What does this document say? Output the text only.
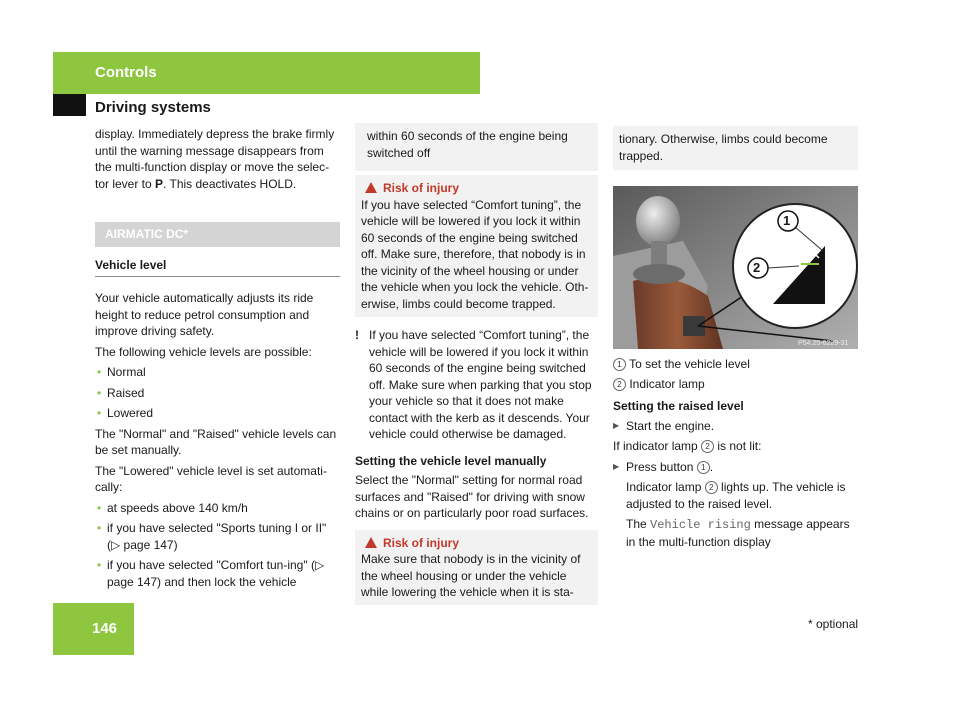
Controls
Driving systems

display. Immediately depress the brake firmly until the warning message disappears from the multi-function display or move the selec-tor lever to P. This deactivates HOLD.

AIRMATIC DC*
Vehicle level

Your vehicle automatically adjusts its ride height to reduce petrol consumption and improve driving safety.

The following vehicle levels are possible:

• Normal
• Raised
• Lowered

The "Normal" and "Raised" vehicle levels can be set manually.

The "Lowered" vehicle level is set automati-cally:

• at speeds above 140 km/h
• if you have selected "Sports tuning I or II" (▷ page 147)
• if you have selected "Comfort tun-ing" (▷ page 147) and then lock the vehicle
within 60 seconds of the engine being switched off
Risk of injury
If you have selected “Comfort tuning”, the vehicle will be lowered if you lock it within 60 seconds of the engine being switched off. Make sure, therefore, that nobody is in the vicinity of the wheel housing or under the vehicle when you lock the vehicle. Oth-erwise, limbs could become trapped.
! If you have selected “Comfort tuning”, the vehicle will be lowered if you lock it within 60 seconds of the engine being switched off. Make sure when parking that you stop your vehicle so that it does not make contact with the kerb as it descends. Your vehicle could otherwise be damaged.
Setting the vehicle level manually

Select the "Normal" setting for normal road surfaces and "Raised" for driving with snow chains or on particularly poor road surfaces.

Risk of injury
Make sure that nobody is in the vicinity of the wheel housing or under the vehicle while lowering the vehicle when it is sta-
tionary. Otherwise, limbs could become trapped.
1
2
P54.25-6229-31
1 To set the vehicle level
2 Indicator lamp
Setting the raised level
▶ Start the engine.

If indicator lamp 2 is not lit:

▶ Press button 1 .

Indicator lamp 2 lights up. The vehicle is adjusted to the raised level.

The Vehicle rising message appears in the multi-function display

146	* optional
